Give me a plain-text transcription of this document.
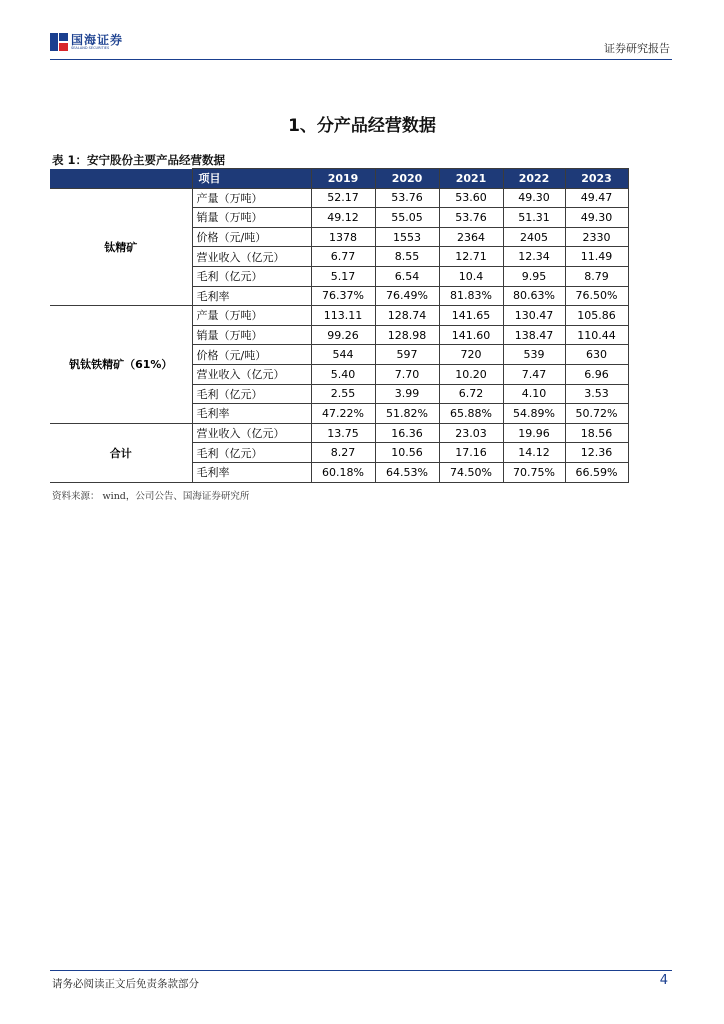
国海证券
SEALAND SECURITIES	证券研究报告
1、分产品经营数据
表 1：安宁股份主要产品经营数据
	项目	2019	2020	2021	2022	2023	
钛精矿	产量（万吨）	52.17	53.76	53.60	49.30	49.47	
	销量（万吨）	49.12	55.05	53.76	51.31	49.30	
	价格（元/吨）	1378	1553	2364	2405	2330	
	营业收入（亿元）	6.77	8.55	12.71	12.34	11.49	
	毛利（亿元）	5.17	6.54	10.4	9.95	8.79	
	毛利率	76.37%	76.49%	81.83%	80.63%	76.50%	
钒钛铁精矿（61%）	产量（万吨）	113.11	128.74	141.65	130.47	105.86	
	销量（万吨）	99.26	128.98	141.60	138.47	110.44	
	价格（元/吨）	544	597	720	539	630	
	营业收入（亿元）	5.40	7.70	10.20	7.47	6.96	
	毛利（亿元）	2.55	3.99	6.72	4.10	3.53	
	毛利率	47.22%	51.82%	65.88%	54.89%	50.72%	
合计	营业收入（亿元）	13.75	16.36	23.03	19.96	18.56	
	毛利（亿元）	8.27	10.56	17.16	14.12	12.36	
	毛利率	60.18%	64.53%	74.50%	70.75%	66.59%	
资料来源： wind，公司公告、国海证券研究所
请务必阅读正文后免责条款部分	4
